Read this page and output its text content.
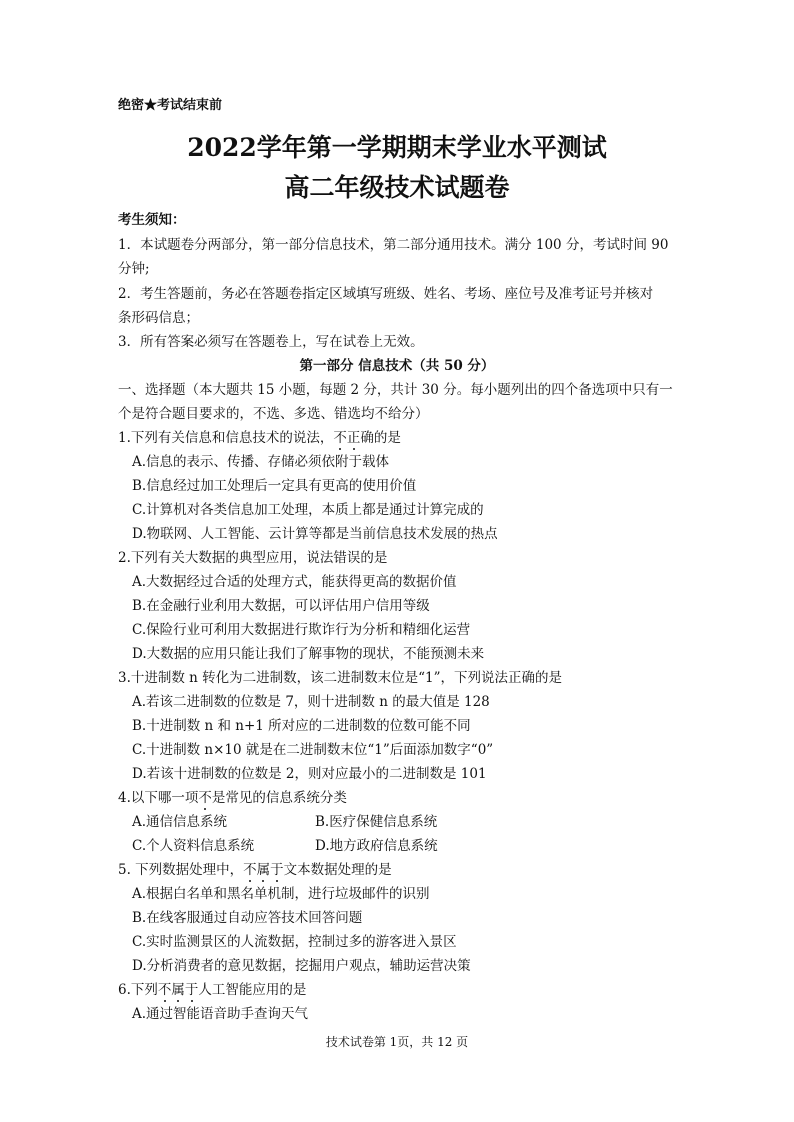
绝密★考试结束前
2022学年第一学期期末学业水平测试
高二年级技术试题卷
考生须知：
1．本试题卷分两部分，第一部分信息技术，第二部分通用技术。满分 100 分，考试时间 90
分钟;
2．考生答题前，务必在答题卷指定区域填写班级、姓名、考场、座位号及准考证号并核对
条形码信息；
3．所有答案必须写在答题卷上，写在试卷上无效。
第一部分 信息技术（共 50 分）
一、选择题（本大题共 15 小题，每题 2 分，共计 30 分。每小题列出的四个备选项中只有一
个是符合题目要求的，不选、多选、错选均不给分）
1.下列有关信息和信息技术的说法，不正确的是
A.信息的表示、传播、存储必须依附于载体
B.信息经过加工处理后一定具有更高的使用价值
C.计算机对各类信息加工处理，本质上都是通过计算完成的
D.物联网、人工智能、云计算等都是当前信息技术发展的热点
2.下列有关大数据的典型应用，说法错误的是
A.大数据经过合适的处理方式，能获得更高的数据价值
B.在金融行业利用大数据，可以评估用户信用等级
C.保险行业可利用大数据进行欺诈行为分析和精细化运营
D.大数据的应用只能让我们了解事物的现状，不能预测未来
3.十进制数 n 转化为二进制数，该二进制数末位是“1”，下列说法正确的是
A.若该二进制数的位数是 7，则十进制数 n 的最大值是 128
B.十进制数 n 和 n+1 所对应的二进制数的位数可能不同
C.十进制数 n×10 就是在二进制数末位“1”后面添加数字“0”
D.若该十进制数的位数是 2，则对应最小的二进制数是 101
4.以下哪一项不是常见的信息系统分类
A.通信信息系统	B.医疗保健信息系统
C.个人资料信息系统	D.地方政府信息系统
5. 下列数据处理中，不属于文本数据处理的是
A.根据白名单和黑名单机制，进行垃圾邮件的识别
B.在线客服通过自动应答技术回答问题
C.实时监测景区的人流数据，控制过多的游客进入景区
D.分析消费者的意见数据，挖掘用户观点，辅助运营决策
6.下列不属于人工智能应用的是
A.通过智能语音助手查询天气
技术试卷第 1页，共 12 页
